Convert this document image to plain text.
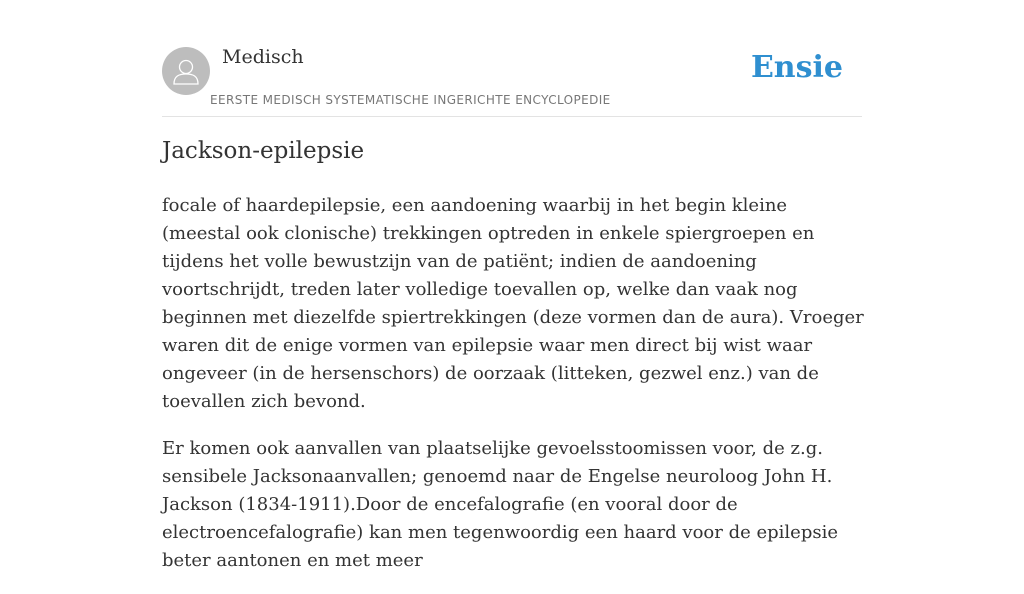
Medisch
EERSTE MEDISCH SYSTEMATISCHE INGERICHTE ENCYCLOPEDIE
Ensie
Jackson-epilepsie

focale of haardepilepsie, een aandoening waarbij in het begin kleine (meestal ook clonische) trekkingen optreden in enkele spiergroepen en tijdens het volle bewustzijn van de patiënt; indien de aandoening voortschrijdt, treden later volledige toevallen op, welke dan vaak nog beginnen met diezelfde spiertrekkingen (deze vormen dan de aura). Vroeger waren dit de enige vormen van epilepsie waar men direct bij wist waar ongeveer (in de hersenschors) de oorzaak (litteken, gezwel enz.) van de toevallen zich bevond.

Er komen ook aanvallen van plaatselijke gevoelsstoomissen voor, de z.g. sensibele Jacksonaanvallen; genoemd naar de Engelse neuroloog John H. Jackson (1834-1911).Door de encefalografie (en vooral door de electroencefalografie) kan men tegenwoordig een haard voor de epilepsie beter aantonen en met meer
